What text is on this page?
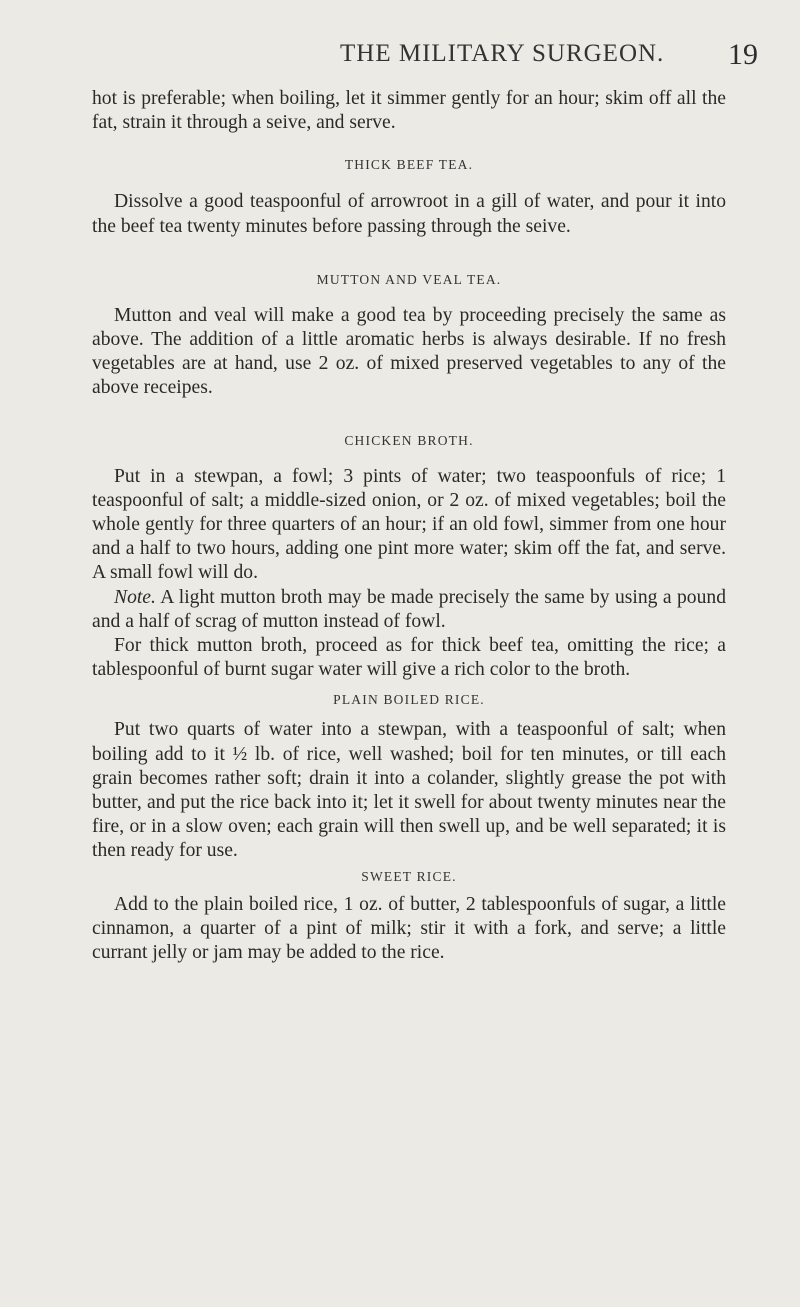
THE MILITARY SURGEON. 19

hot is preferable; when boiling, let it simmer gently for an hour; skim off all the fat, strain it through a seive, and serve.

THICK BEEF TEA.

Dissolve a good teaspoonful of arrowroot in a gill of water, and pour it into the beef tea twenty minutes before passing through the seive.

MUTTON AND VEAL TEA.

Mutton and veal will make a good tea by proceeding precisely the same as above. The addition of a little aromatic herbs is always desirable. If no fresh vegetables are at hand, use 2 oz. of mixed preserved vegetables to any of the above receipes.

CHICKEN BROTH.

Put in a stewpan, a fowl; 3 pints of water; two teaspoonfuls of rice; 1 teaspoonful of salt; a middle-sized onion, or 2 oz. of mixed vegetables; boil the whole gently for three quarters of an hour; if an old fowl, simmer from one hour and a half to two hours, adding one pint more water; skim off the fat, and serve. A small fowl will do.

Note. A light mutton broth may be made precisely the same by using a pound and a half of scrag of mutton instead of fowl.

For thick mutton broth, proceed as for thick beef tea, omitting the rice; a tablespoonful of burnt sugar water will give a rich color to the broth.

PLAIN BOILED RICE.

Put two quarts of water into a stewpan, with a teaspoonful of salt; when boiling add to it ½ lb. of rice, well washed; boil for ten minutes, or till each grain becomes rather soft; drain it into a colander, slightly grease the pot with butter, and put the rice back into it; let it swell for about twenty minutes near the fire, or in a slow oven; each grain will then swell up, and be well separated; it is then ready for use.

SWEET RICE.

Add to the plain boiled rice, 1 oz. of butter, 2 tablespoonfuls of sugar, a little cinnamon, a quarter of a pint of milk; stir it with a fork, and serve; a little currant jelly or jam may be added to the rice.
